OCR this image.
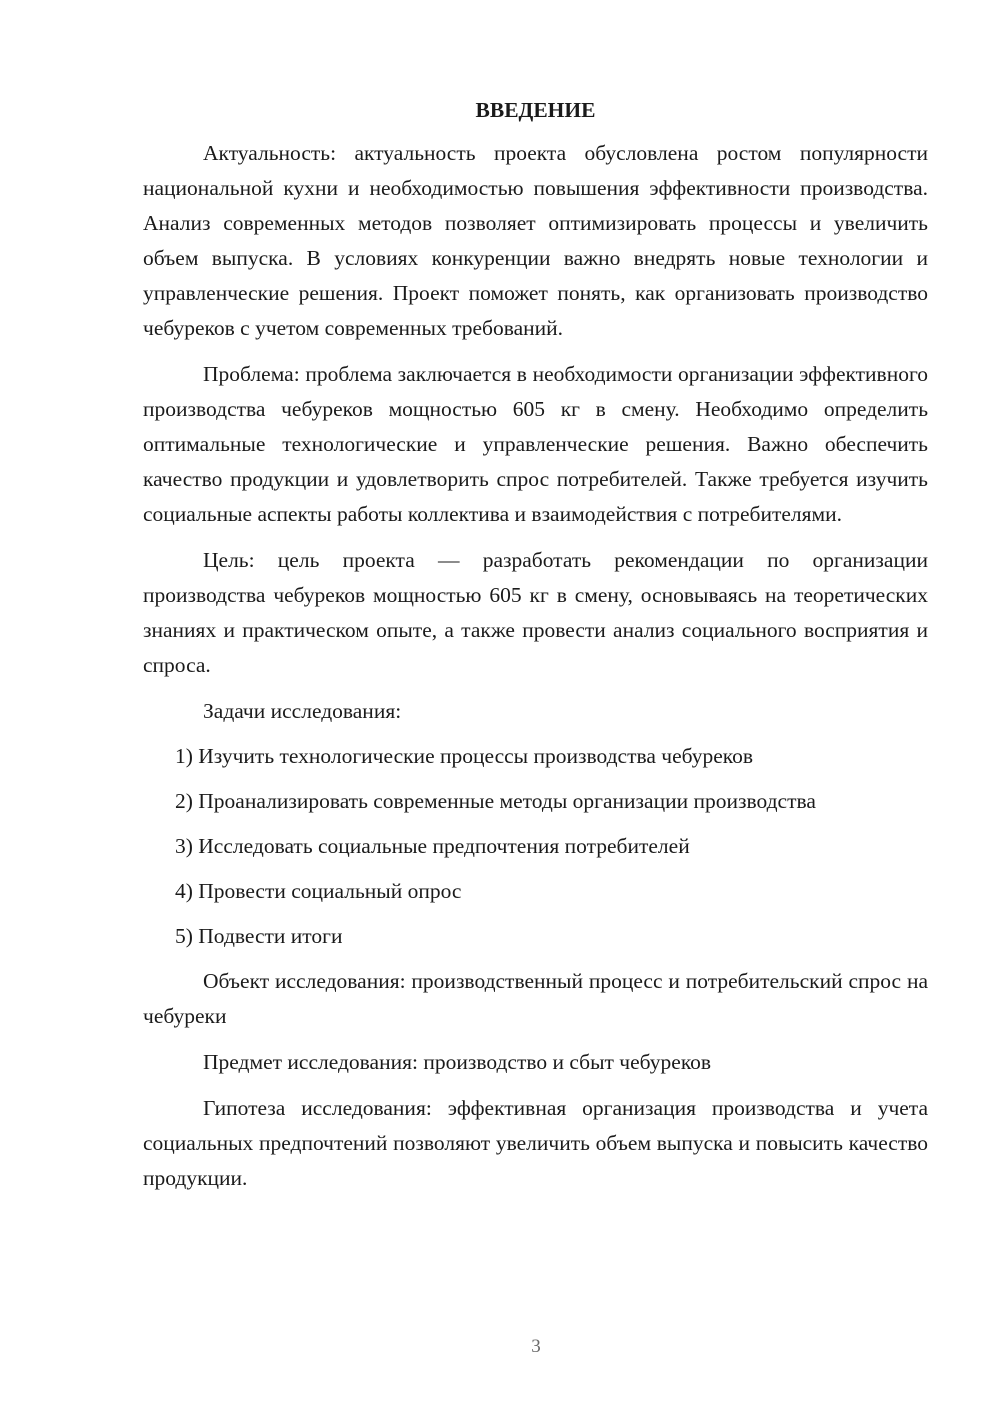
ВВЕДЕНИЕ

Актуальность: актуальность проекта обусловлена ростом популярности национальной кухни и необходимостью повышения эффективности производства. Анализ современных методов позволяет оптимизировать процессы и увеличить объем выпуска. В условиях конкуренции важно внедрять новые технологии и управленческие решения. Проект поможет понять, как организовать производство чебуреков с учетом современных требований.

Проблема: проблема заключается в необходимости организации эффективного производства чебуреков мощностью 605 кг в смену. Необходимо определить оптимальные технологические и управленческие решения. Важно обеспечить качество продукции и удовлетворить спрос потребителей. Также требуется изучить социальные аспекты работы коллектива и взаимодействия с потребителями.

Цель: цель проекта — разработать рекомендации по организации производства чебуреков мощностью 605 кг в смену, основываясь на теоретических знаниях и практическом опыте, а также провести анализ социального восприятия и спроса.

Задачи исследования:

1) Изучить технологические процессы производства чебуреков
2) Проанализировать современные методы организации производства
3) Исследовать социальные предпочтения потребителей
4) Провести социальный опрос
5) Подвести итоги

Объект исследования: производственный процесс и потребительский спрос на чебуреки

Предмет исследования: производство и сбыт чебуреков

Гипотеза исследования: эффективная организация производства и учета социальных предпочтений позволяют увеличить объем выпуска и повысить качество продукции.

3
